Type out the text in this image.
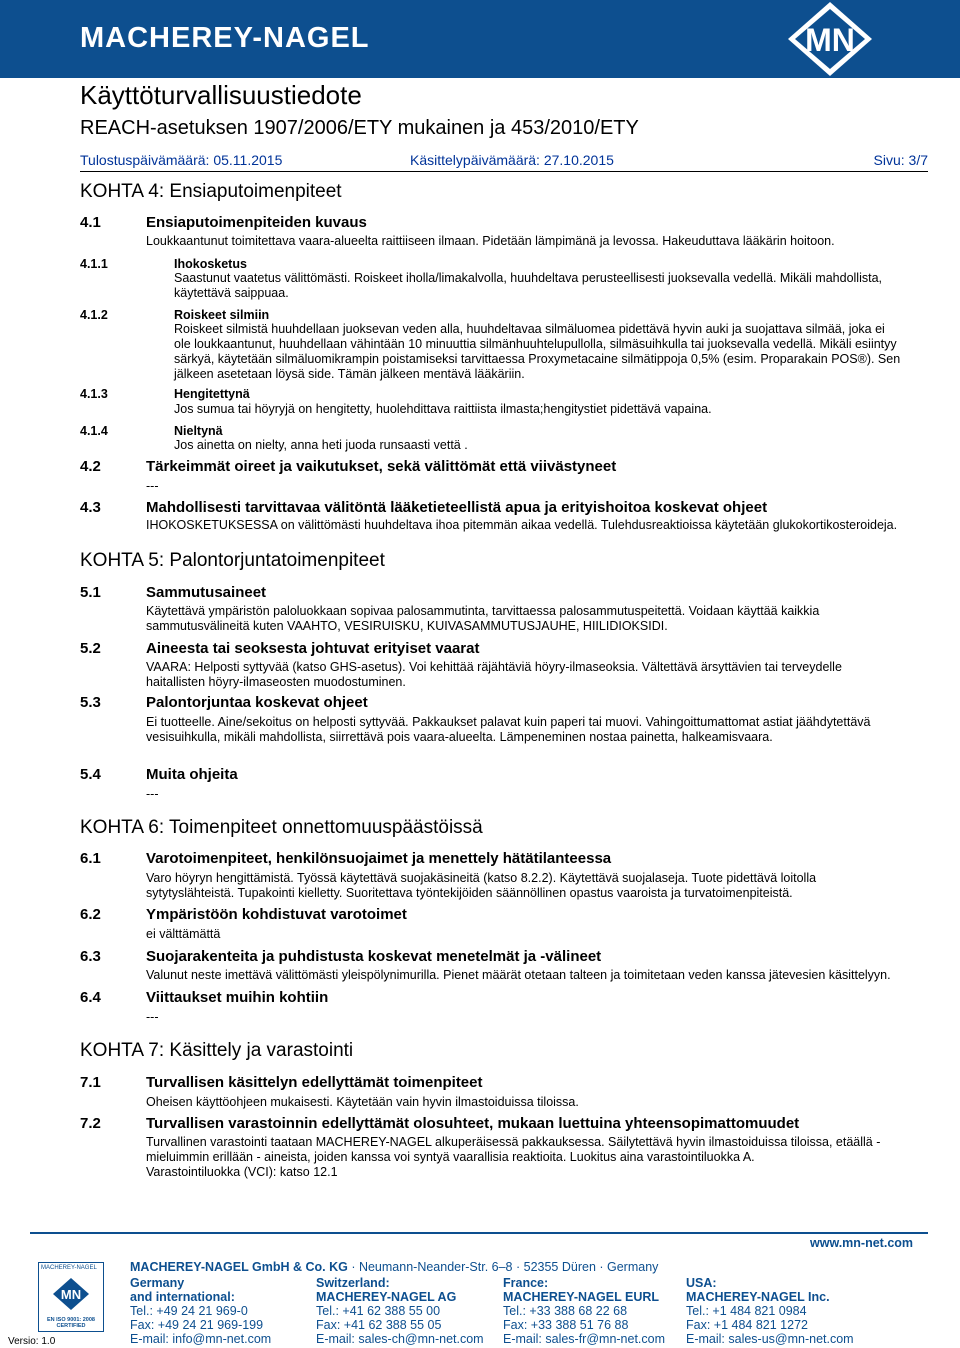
MACHEREY-NAGEL	MN
Käyttöturvallisuustiedote
REACH-asetuksen 1907/2006/ETY mukainen ja 453/2010/ETY
Tulostuspäivämäärä: 05.11.2015	Käsittelypäivämäärä: 27.10.2015	Sivu: 3/7
KOHTA 4: Ensiaputoimenpiteet
4.1	Ensiaputoimenpiteiden kuvaus
Loukkaantunut toimitettava vaara-alueelta raittiiseen ilmaan. Pidetään lämpimänä ja levossa. Hakeuduttava lääkärin hoitoon.
4.1.1	Ihokosketus
Saastunut vaatetus välittömästi. Roiskeet iholla/limakalvolla, huuhdeltava perusteellisesti juoksevalla vedellä. Mikäli mahdollista,
käytettävä saippuaa.
4.1.2	Roiskeet silmiin
Roiskeet silmistä huuhdellaan juoksevan veden alla, huuhdeltavaa silmäluomea pidettävä hyvin auki ja suojattava silmää, joka ei
ole loukkaantunut, huuhdellaan vähintään 10 minuuttia silmänhuuhtelupullolla, silmäsuihkulla tai juoksevalla vedellä. Mikäli esiintyy
särkyä, käytetään silmäluomikrampin poistamiseksi tarvittaessa Proxymetacaine silmätippoja 0,5% (esim. Proparakain POS®). Sen
jälkeen asetetaan löysä side. Tämän jälkeen mentävä lääkäriin.
4.1.3	Hengitettynä
Jos sumua tai höyryjä on hengitetty, huolehdittava raittiista ilmasta;hengitystiet pidettävä vapaina.
4.1.4	Nieltynä
Jos ainetta on nielty, anna heti juoda runsaasti vettä .
4.2	Tärkeimmät oireet ja vaikutukset, sekä välittömät että viivästyneet
---
4.3	Mahdollisesti tarvittavaa välitöntä lääketieteellistä apua ja erityishoitoa koskevat ohjeet
IHOKOSKETUKSESSA on välittömästi huuhdeltava ihoa pitemmän aikaa vedellä. Tulehdusreaktioissa käytetään glukokortikosteroideja.
KOHTA 5: Palontorjuntatoimenpiteet
5.1	Sammutusaineet
Käytettävä ympäristön paloluokkaan sopivaa palosammutinta, tarvittaessa palosammutuspeitettä. Voidaan käyttää kaikkia
sammutusvälineitä kuten VAAHTO, VESIRUISKU, KUIVASAMMUTUSJAUHE, HIILIDIOKSIDI.
5.2	Aineesta tai seoksesta johtuvat erityiset vaarat
VAARA: Helposti syttyvää (katso GHS-asetus). Voi kehittää räjähtäviä höyry-ilmaseoksia. Vältettävä ärsyttävien tai terveydelle
haitallisten höyry-ilmaseosten muodostuminen.
5.3	Palontorjuntaa koskevat ohjeet
Ei tuotteelle. Aine/sekoitus on helposti syttyvää. Pakkaukset palavat kuin paperi tai muovi. Vahingoittumattomat astiat jäähdytettävä
vesisuihkulla, mikäli mahdollista, siirrettävä pois vaara-alueelta. Lämpeneminen nostaa painetta, halkeamisvaara.
5.4	Muita ohjeita
---
KOHTA 6: Toimenpiteet onnettomuuspäästöissä
6.1	Varotoimenpiteet, henkilönsuojaimet ja menettely hätätilanteessa
Varo höyryn hengittämistä. Työssä käytettävä suojakäsineitä (katso 8.2.2). Käytettävä suojalaseja. Tuote pidettävä loitolla
sytytyslähteistä. Tupakointi kielletty. Suoritettava työntekijöiden säännöllinen opastus vaaroista ja turvatoimenpiteistä.
6.2	Ympäristöön kohdistuvat varotoimet
ei välttämättä
6.3	Suojarakenteita ja puhdistusta koskevat menetelmät ja -välineet
Valunut neste imettävä välittömästi yleispölynimurilla. Pienet määrät otetaan talteen ja toimitetaan veden kanssa jätevesien käsittelyyn.
6.4	Viittaukset muihin kohtiin
---
KOHTA 7: Käsittely ja varastointi
7.1	Turvallisen käsittelyn edellyttämät toimenpiteet
Oheisen käyttöohjeen mukaisesti. Käytetään vain hyvin ilmastoiduissa tiloissa.
7.2	Turvallisen varastoinnin edellyttämät olosuhteet, mukaan luettuina yhteensopimattomuudet
Turvallinen varastointi taataan MACHEREY-NAGEL alkuperäisessä pakkauksessa. Säilytettävä hyvin ilmastoiduissa tiloissa, etäällä -
mieluimmin erillään - aineista, joiden kanssa voi syntyä vaarallisia reaktioita. Luokitus aina varastointiluokka A.
Varastointiluokka (VCI): katso 12.1
MACHEREY-NAGEL
MN
EN ISO 9001: 2008 CERTIFIED
Versio: 1.0
MACHEREY-NAGEL GmbH & Co. KG · Neumann-Neander-Str. 6–8 · 52355 Düren · Germany
www.mn-net.com
Germany
and international:
Tel.: +49 24 21 969-0
Fax: +49 24 21 969-199
E-mail: info@mn-net.com
Switzerland:
MACHEREY-NAGEL AG
Tel.: +41 62 388 55 00
Fax: +41 62 388 55 05
E-mail: sales-ch@mn-net.com
France:
MACHEREY-NAGEL EURL
Tel.: +33 388 68 22 68
Fax: +33 388 51 76 88
E-mail: sales-fr@mn-net.com
USA:
MACHEREY-NAGEL Inc.
Tel.: +1 484 821 0984
Fax: +1 484 821 1272
E-mail: sales-us@mn-net.com
